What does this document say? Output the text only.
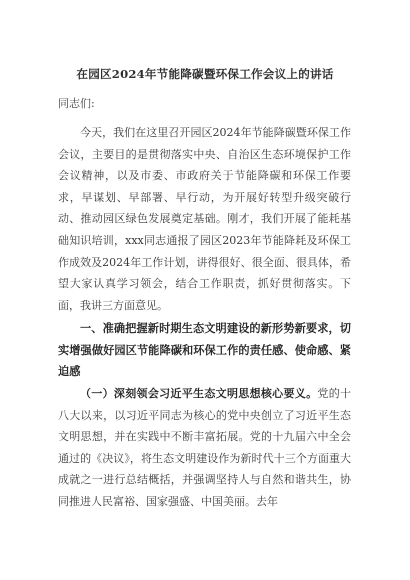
在园区2024年节能降碳暨环保工作会议上的讲话
同志们:
今天，我们在这里召开园区2024年节能降碳暨环保工作会议，主要目的是贯彻落实中央、自治区生态环境保护工作会议精神，以及市委、市政府关于节能降碳和环保工作要求，早谋划、早部署、早行动，为开展好转型升级突破行动、推动园区绿色发展奠定基础。刚才，我们开展了能耗基础知识培训，xxx同志通报了园区2023年节能降耗及环保工作成效及2024年工作计划，讲得很好、很全面、很具体，希望大家认真学习领会，结合工作职责，抓好贯彻落实。下面，我讲三方面意见。
一、准确把握新时期生态文明建设的新形势新要求，切实增强做好园区节能降碳和环保工作的责任感、使命感、紧迫感
（一）深刻领会习近平生态文明思想核心要义。党的十八大以来，以习近平同志为核心的党中央创立了习近平生态文明思想，并在实践中不断丰富拓展。党的十九届六中全会通过的《决议》，将生态文明建设作为新时代十三个方面重大成就之一进行总结概括，并强调坚持人与自然和谐共生，协同推进人民富裕、国家强盛、中国美丽。去年
